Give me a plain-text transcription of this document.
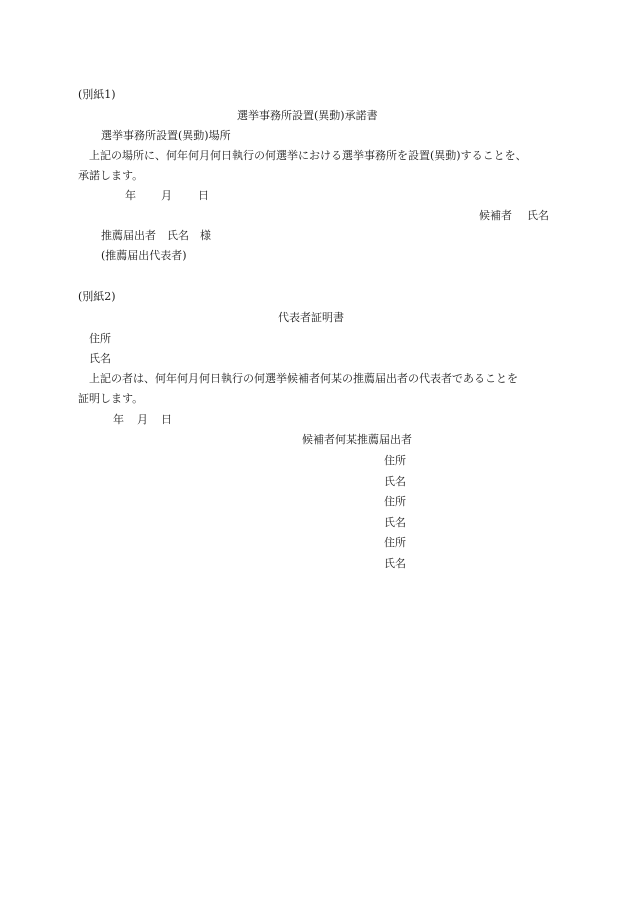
(別紙1)
選挙事務所設置(異動)承諾書
選挙事務所設置(異動)場所
上記の場所に、何年何月何日執行の何選挙における選挙事務所を設置(異動)することを、
承諾します。
年 月 日
候補者 氏名
推薦届出者　氏名　様
(推薦届出代表者)
(別紙2)
代表者証明書
住所
氏名
上記の者は、何年何月何日執行の何選挙候補者何某の推薦届出者の代表者であることを
証明します。
年 月 日
候補者何某推薦届出者
住所
氏名
住所
氏名
住所
氏名
